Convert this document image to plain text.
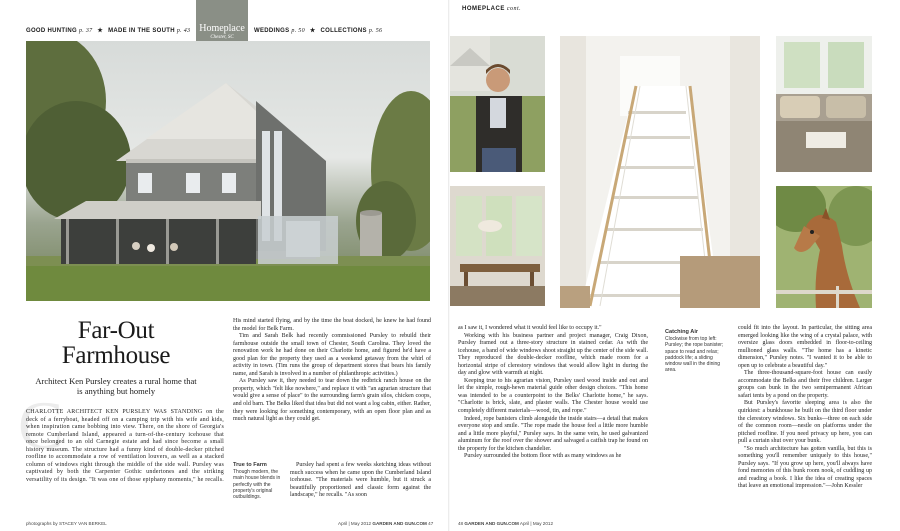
GOOD HUNTING p. 37 ★ MADE IN THE SOUTH p. 43	WEDDINGS p. 50 ★ COLLECTIONS p. 56
Homeplace
Chester, SC
Far-Out
Farmhouse
Architect Ken Pursley creates a rural home that is anything but homely
C

CHARLOTTE ARCHITECT KEN PURSLEY WAS STANDING on the deck of a ferryboat, headed off on a camping trip with his wife and kids, when inspiration came bobbing into view. There, on the shore of Georgia's remote Cumberland Island, appeared a turn-of-the-century icehouse that once belonged to an old Carnegie estate and had since become a small history museum. The structure had a funny kind of double-decker pitched roofline to accommodate a row of ventilation louvers, as well as a stacked column of windows right through the middle of the side wall. Pursley was captivated by both the Carpenter Gothic undertones and the striking versatility of its design. "It was one of those epiphany moments," he recalls.

His mind started flying, and by the time the boat docked, he knew he had found the model for Belk Farm.

Tim and Sarah Belk had recently commissioned Pursley to rebuild their farmhouse outside the small town of Chester, South Carolina. They loved the renovation work he had done on their Charlotte home, and figured he'd have a good plan for the property they used as a weekend getaway from the whirl of activity in town. (Tim runs the group of department stores that bears his family name, and Sarah is involved in a number of philanthropic activities.)

As Pursley saw it, they needed to tear down the redbrick ranch house on the property, which "felt like nowhere," and replace it with "an agrarian structure that would give a sense of place" to the surrounding farm's grain silos, chicken coops, and old barn. The Belks liked that idea but did not want a log cabin, either. Rather, they were looking for something contemporary, with an open floor plan and as much natural light as they could get.

True to Farm
Though modern, the main house blends in perfectly with the property's original outbuildings.

Pursley had spent a few weeks sketching ideas without much success when he came upon the Cumberland Island icehouse. "The materials were humble, but it struck a beautifully proportioned and classic form against the landscape," he recalls. "As soon

photographs by STACEY VAN BERKEL	April | May 2012 GARDEN AND GUN.COM 47
HOMEPLACE cont.

as I saw it, I wondered what it would feel like to occupy it."

Working with his business partner and project manager, Craig Dixon, Pursley framed out a three-story structure in stained cedar. As with the icehouse, a band of wide windows shoot straight up the center of the side wall. They reproduced the double-decker roofline, which made room for a horizontal stripe of clerestory windows that would allow light in during the day and glow with warmth at night.

Keeping true to his agrarian vision, Pursley used wood inside and out and let the simple, rough-hewn material guide other design choices. "This home was intended to be a counterpoint to the Belks' Charlotte home," he says. "Charlotte is brick, slate, and plaster walls. The Chester house would use completely different materials—wood, tin, and rope."

Indeed, rope banisters climb alongside the inside stairs—a detail that makes everyone stop and smile. "The rope made the house feel a little more humble and a little more playful," Pursley says. In the same vein, he used galvanized aluminum for the roof over the shower and salvaged a catfish trap he found on the property for the kitchen chandelier.

Pursley surrounded the bottom floor with as many windows as he

Catching Air
Clockwise from top left: Pursley; the rope banister; space to read and relax; paddock life; a sliding window wall in the dining area.

could fit into the layout. In particular, the sitting area emerged looking like the wing of a crystal palace, with oversize glass doors embedded in floor-to-ceiling mullioned glass walls. "The home has a kinetic dimension," Pursley notes. "I wanted it to be able to open up to celebrate a beautiful day."

The three-thousand-square-foot house can easily accommodate the Belks and their five children. Larger groups can bunk in the two semipermanent African safari tents by a pond on the property.

But Pursley's favorite sleeping area is also the quirkiest: a bunkhouse he built on the third floor under the clerestory windows. Six bunks—three on each side of the common room—nestle on platforms under the pitched roofline. If you need privacy up here, you can pull a curtain shut over your bunk.

"So much architecture has gotten vanilla, but this is something you'll remember uniquely to this house," Pursley says. "If you grow up here, you'll always have fond memories of this bunk room nook, of cuddling up and reading a book. I like the idea of creating spaces that leave an emotional impression."—John Kessler

48 GARDEN AND GUN.COM April | May 2012
